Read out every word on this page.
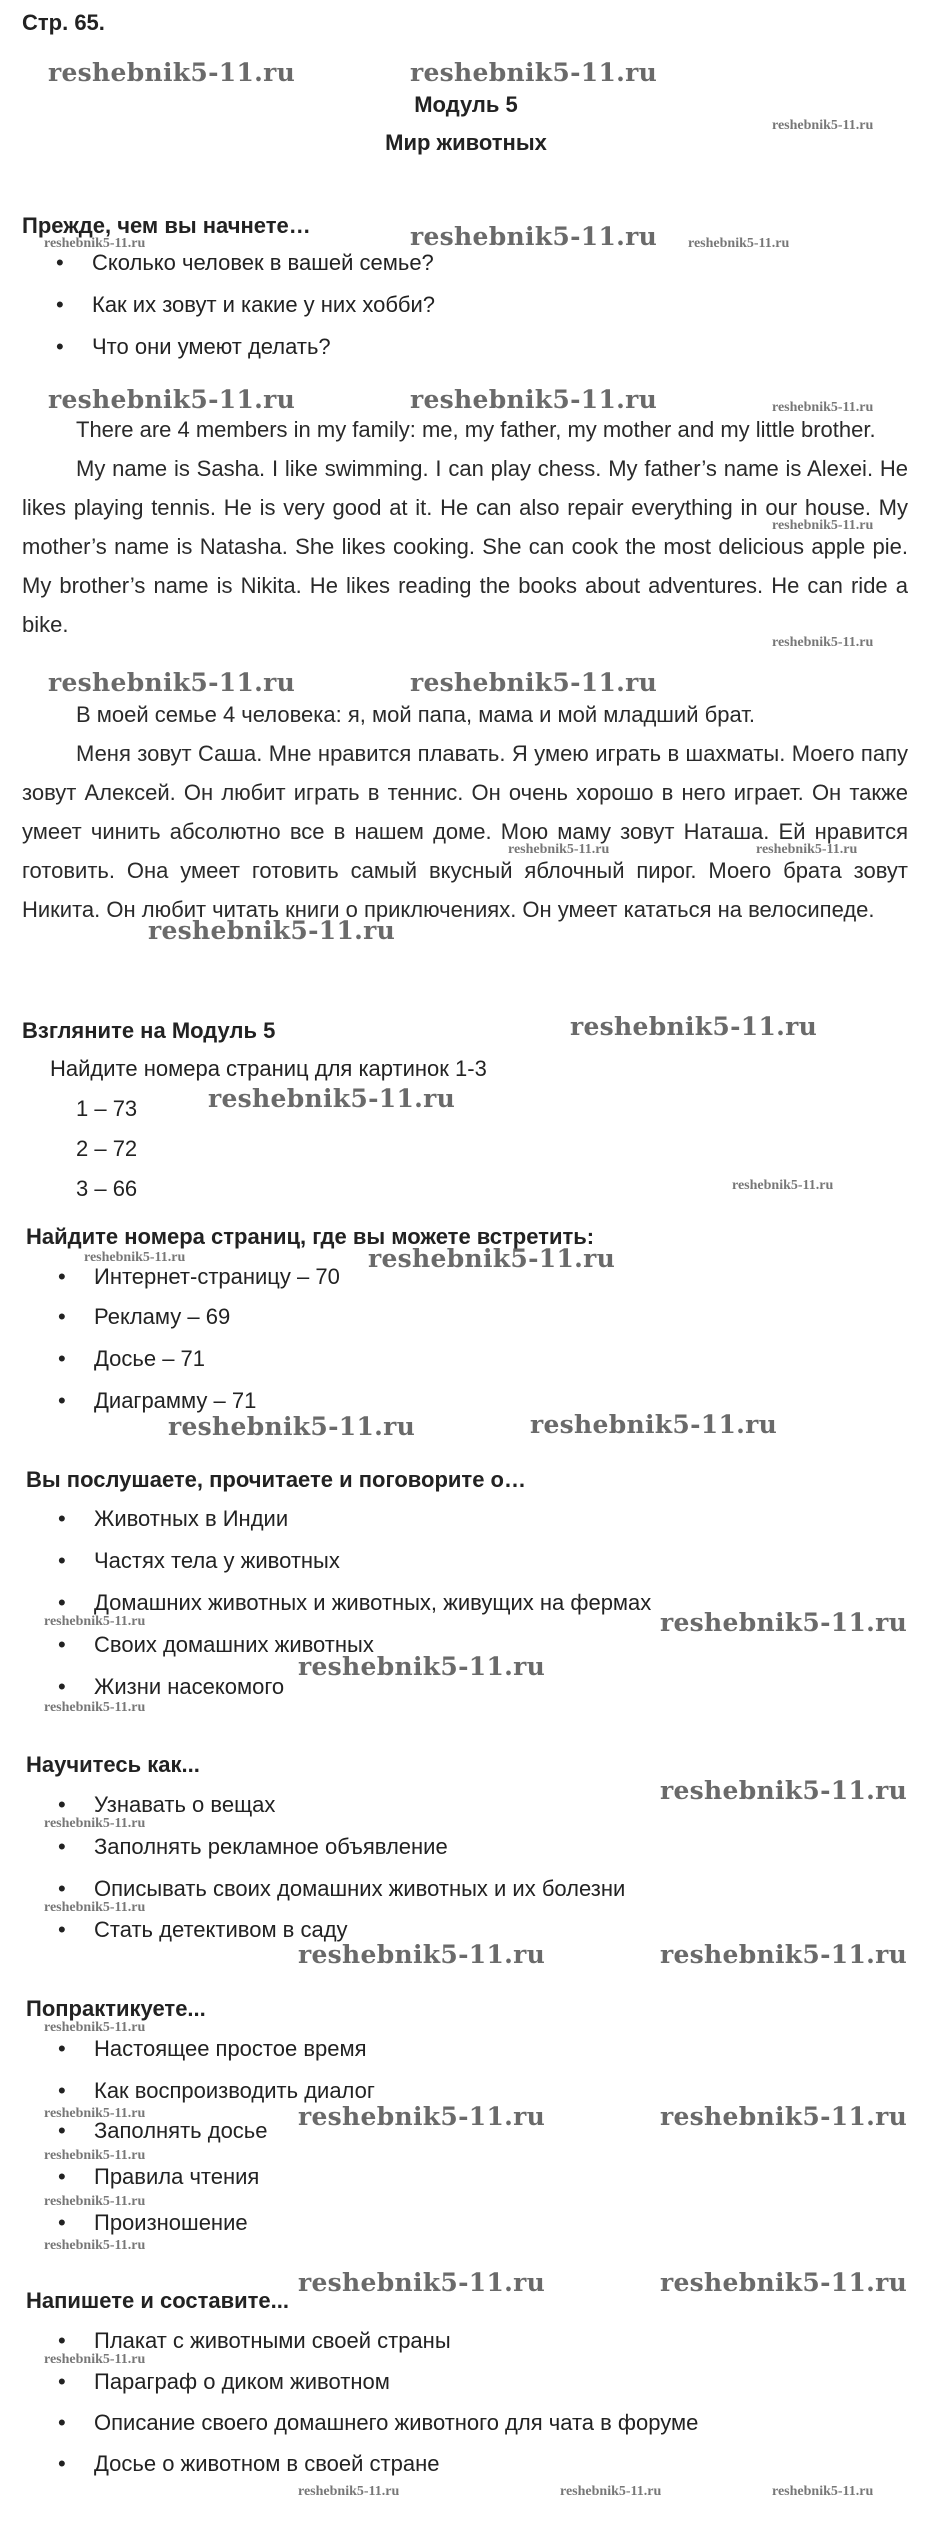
Стр. 65.
Модуль 5
Мир животных
Прежде, чем вы начнете…
• Сколько человек в вашей семье?
• Как их зовут и какие у них хобби?
• Что они умеют делать?

There are 4 members in my family: me, my father, my mother and my little brother.

My name is Sasha. I like swimming. I can play chess. My father’s name is Alexei. He likes playing tennis. He is very good at it. He can also repair everything in our house. My mother’s name is Natasha. She likes cooking. She can cook the most delicious apple pie. My brother’s name is Nikita. He likes reading the books about adventures. He can ride a bike.

В моей семье 4 человека: я, мой папа, мама и мой младший брат.

Меня зовут Саша. Мне нравится плавать. Я умею играть в шахматы. Моего папу зовут Алексей. Он любит играть в теннис. Он очень хорошо в него играет. Он также умеет чинить абсолютно все в нашем доме. Мою маму зовут Наташа. Ей нравится готовить. Она умеет готовить самый вкусный яблочный пирог. Моего брата зовут Никита. Он любит читать книги о приключениях. Он умеет кататься на велосипеде.

Взгляните на Модуль 5
Найдите номера страниц для картинок 1-3
1 – 73
2 – 72
3 – 66
Найдите номера страниц, где вы можете встретить:
• Интернет-страницу – 70
• Рекламу – 69
• Досье – 71
• Диаграмму – 71
Вы послушаете, прочитаете и поговорите о…
• Животных в Индии
• Частях тела у животных
• Домашних животных и животных, живущих на фермах
• Своих домашних животных
• Жизни насекомого
Научитесь как...
• Узнавать о вещах
• Заполнять рекламное объявление
• Описывать своих домашних животных и их болезни
• Стать детективом в саду
Попрактикуете...
• Настоящее простое время
• Как воспроизводить диалог
• Заполнять досье
• Правила чтения
• Произношение
Напишете и составите...
• Плакат с животными своей страны
• Параграф о диком животном
• Описание своего домашнего животного для чата в форуме
• Досье о животном в своей стране
reshebnik5-11.ru	reshebnik5-11.ru
reshebnik5-11.ru
reshebnik5-11.ru	reshebnik5-11.ru
reshebnik5-11.ru	reshebnik5-11.ru
reshebnik5-11.ru
reshebnik5-11.ru
reshebnik5-11.ru
reshebnik5-11.ru
reshebnik5-11.ru	reshebnik5-11.ru
reshebnik5-11.ru
reshebnik5-11.ru
reshebnik5-11.ru
reshebnik5-11.ru	reshebnik5-11.ru
reshebnik5-11.ru	reshebnik5-11.ru
reshebnik5-11.ru	reshebnik5-11.ru
reshebnik5-11.ru
reshebnik5-11.ru	reshebnik5-11.ru
reshebnik5-11.ru
reshebnik5-11.ru
reshebnik5-11.ru
reshebnik5-11.ru	reshebnik5-11.ru
reshebnik5-11.ru
reshebnik5-11.ru
reshebnik5-11.ru
reshebnik5-11.ru
reshebnik5-11.ru
reshebnik5-11.ru
reshebnik5-11.ru
reshebnik5-11.ru
reshebnik5-11.ru
reshebnik5-11.ru
reshebnik5-11.ru
reshebnik5-11.ru
reshebnik5-11.ru	reshebnik5-11.ru	reshebnik5-11.ru
